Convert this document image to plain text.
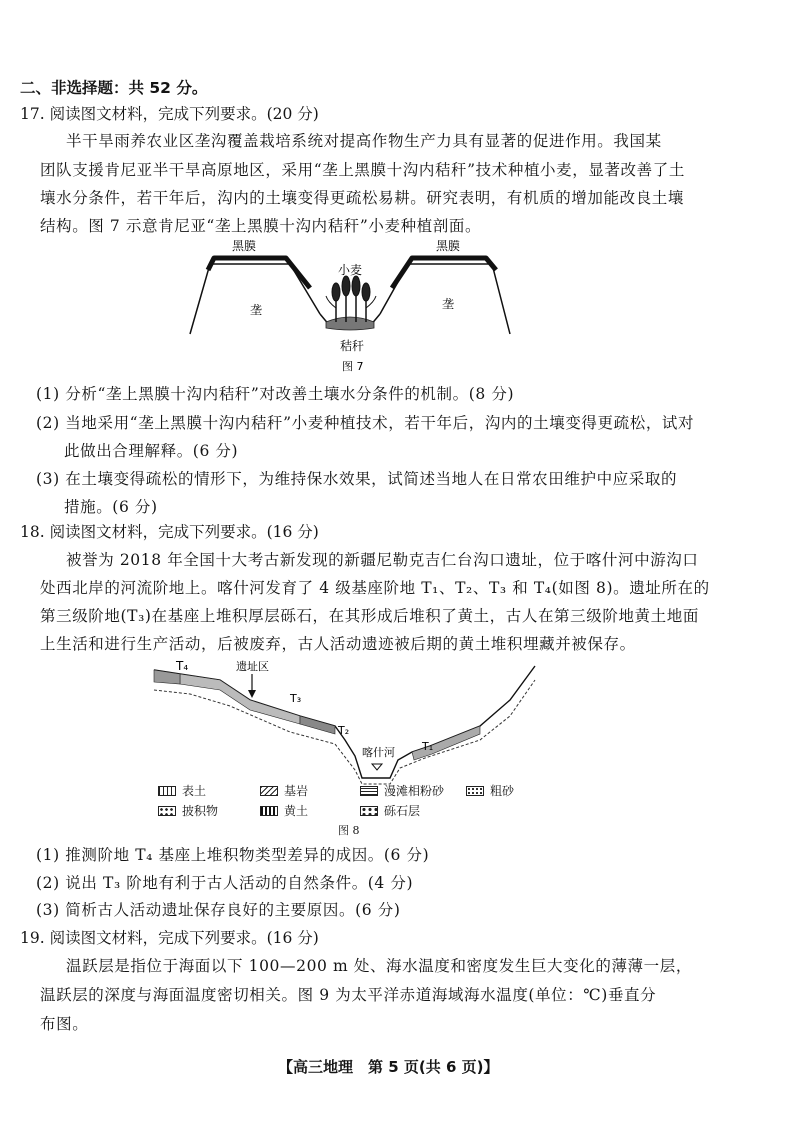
二、非选择题：共 52 分。
17. 阅读图文材料，完成下列要求。(20 分)
半干旱雨养农业区垄沟覆盖栽培系统对提高作物生产力具有显著的促进作用。我国某
团队支援肯尼亚半干旱高原地区，采用“垄上黑膜十沟内秸秆”技术种植小麦，显著改善了土
壤水分条件，若干年后，沟内的土壤变得更疏松易耕。研究表明，有机质的增加能改良土壤
结构。图 7 示意肯尼亚“垄上黑膜十沟内秸秆”小麦种植剖面。
黑膜	黑膜
小麦
垄	垄
秸秆
图 7
(1) 分析“垄上黑膜十沟内秸秆”对改善土壤水分条件的机制。(8 分)
(2) 当地采用“垄上黑膜十沟内秸秆”小麦种植技术，若干年后，沟内的土壤变得更疏松，试对
此做出合理解释。(6 分)
(3) 在土壤变得疏松的情形下，为维持保水效果，试简述当地人在日常农田维护中应采取的
措施。(6 分)
18. 阅读图文材料，完成下列要求。(16 分)
被誉为 2018 年全国十大考古新发现的新疆尼勒克吉仁台沟口遗址，位于喀什河中游沟口
处西北岸的河流阶地上。喀什河发育了 4 级基座阶地 T₁、T₂、T₃ 和 T₄(如图 8)。遗址所在的
第三级阶地(T₃)在基座上堆积厚层砾石，在其形成后堆积了黄土，古人在第三级阶地黄土地面
上生活和进行生产活动，后被废弃，古人活动遗迹被后期的黄土堆积埋藏并被保存。
T₄	遗址区
T₃
T₂
喀什河 T₁
表土	基岩	漫滩相粉砂	粗砂
披积物	黄土	砾石层
图 8
(1) 推测阶地 T₄ 基座上堆积物类型差异的成因。(6 分)
(2) 说出 T₃ 阶地有利于古人活动的自然条件。(4 分)
(3) 简析古人活动遗址保存良好的主要原因。(6 分)
19. 阅读图文材料，完成下列要求。(16 分)
温跃层是指位于海面以下 100—200 m 处、海水温度和密度发生巨大变化的薄薄一层，
温跃层的深度与海面温度密切相关。图 9 为太平洋赤道海域海水温度(单位：℃)垂直分
布图。
【高三地理　第 5 页(共 6 页)】
